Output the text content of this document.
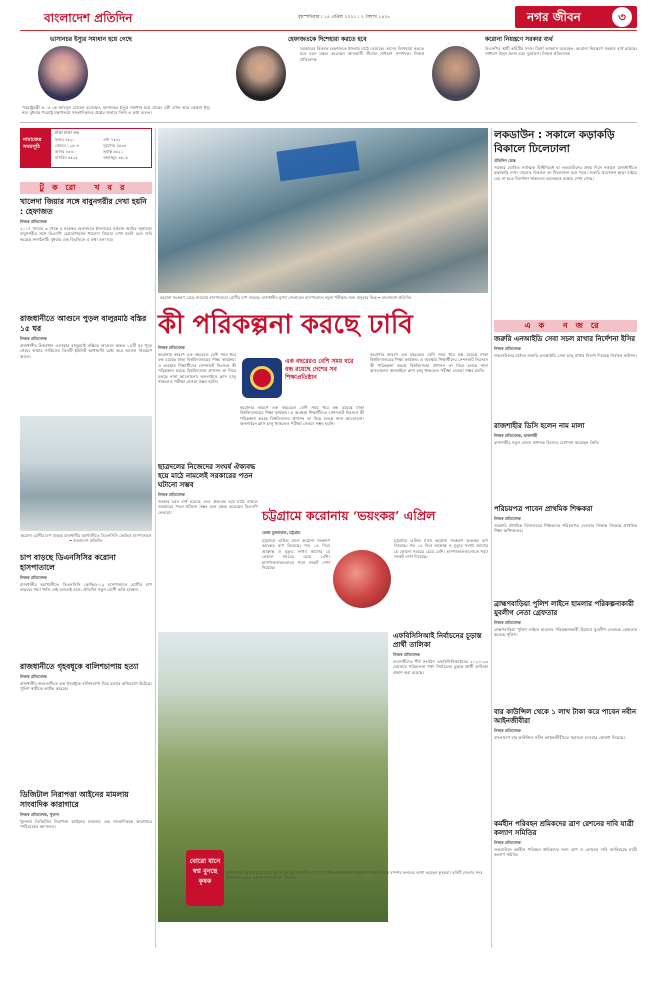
বাংলাদেশ প্রতিদিন	বৃহস্পতিবার । ১৫ এপ্রিল ২০২১ । ২ বৈশাখ ১৪২৮	নগর জীবন	৩
ভাসানচর ইস্যুর সমাধান হয়ে গেছে
পররাষ্ট্রমন্ত্রী ড. এ কে আবদুল মোমেন বলেছেন, ভাসানচর ইস্যুর সমাধান হয়ে গেছে। এটা এখন আর কোনো ইস্যু নয়। বুধবার পররাষ্ট্র মন্ত্রণালয়ে সাংবাদিকদের প্রশ্নের জবাবে তিনি এ কথা বলেন।
হেফাজতকে দিশেহারা করতে হবে
সরকারের বিরুদ্ধে হেফাজতে ইসলাম মাঠে নেমেছে। তাদের দিশেহারা করতে হবে বলে মন্তব্য করেছেন আওয়ামী লীগের সাধারণ সম্পাদক। নিজস্ব প্রতিবেদক
করোনা নিয়ন্ত্রণে সরকার ব্যর্থ
বিএনপির স্থায়ী কমিটির সদস্য মির্জা আব্বাস বলেছেন, করোনা নিয়ন্ত্রণে সরকার ব্যর্থ হয়েছে। সাধারণ মানুষ আজ চরম দুর্ভোগে। নিজস্ব প্রতিবেদক
নামাজের সময়সূচি
ঢাকা ঢাকা তক
ফজর ৪ঃ২০
জোহর ১২ঃ০৮
আসর ৪ঃ৩০
মাগরিব ৬ঃ২৫
এশা ৭ঃ৪২
সূর্যোদয় ৫ঃ৩৪
সূর্যাস্ত ৬ঃ২১
তাহাজ্জুদ ৩ঃ১৫
টুকরো খবর
খালেদা জিয়ার সঙ্গে বাবুনগরীর দেখা হয়নি : হেফাজত
নিজস্ব প্রতিবেদক
২০১৭ সালের ৩ থেকে ৪ নভেম্বর হেফাজতে ইসলামের বর্তমান আমির জুনায়েদ বাবুনগরীর সঙ্গে বিএনপি চেয়ারপারসন খালেদা জিয়ার দেখা হয়নি বলে দাবি করেছে সংগঠনটি। বুধবার এক বিবৃতিতে এ কথা বলা হয়।
রাজধানীতে আগুনে পুড়ল বালুরমাঠ বস্তির ১৫ ঘর
নিজস্ব প্রতিবেদক
রাজধানীর উত্তরখান এলাকার বালুরমাঠ বস্তিতে আগুনে অন্তত ১৫টি ঘর পুড়ে গেছে। ফায়ার সার্ভিসের তিনটি ইউনিট আধাঘণ্টা চেষ্টা করে আগুন নিয়ন্ত্রণে আনে।
করোনা রোগীর চাপ বাড়ছে রাজধানীর মহাখালীতে ডিএনসিসি কোভিড হাসপাতালে ━ বাংলাদেশ প্রতিদিন
চাপ বাড়ছে ডিএনসিসির করোনা হাসপাতালে
নিজস্ব প্রতিবেদক
রাজধানীর মহাখালীতে ডিএনসিসি কোভিড-১৯ হাসপাতালে রোগীর চাপ বাড়ছে। শয্যা খালি নেই বললেই চলে। প্রতিদিন নতুন রোগী ভর্তি হচ্ছেন।
রাজধানীতে গৃহবধূকে বালিশচাপায় হত্যা
নিজস্ব প্রতিবেদক
রাজধানীর কদমতলীতে এক গৃহবধূকে বালিশচাপা দিয়ে হত্যার অভিযোগ উঠেছে। পুলিশ স্বামীকে আটক করেছে।
ডিজিটাল নিরাপত্তা আইনের মামলায় সাংবাদিক কারাগারে
নিজস্ব প্রতিবেদক, খুলনা
খুলনায় ডিজিটাল নিরাপত্তা আইনের মামলায় এক সাংবাদিককে কারাগারে পাঠিয়েছেন আদালত।
করোনা সংক্রমণ বেড়ে যাওয়ায় হাসপাতালে রোগীর চাপ বাড়ছে। রাজধানীর মুগদা জেনারেল হাসপাতালে নমুনা পরীক্ষার জন্য মানুষের ভিড় ━ বাংলাদেশ প্রতিদিন
কী পরিকল্পনা করছে ঢাবি
নিজস্ব প্রতিবেদক
করোনার কারণে এক বছরেরও বেশি সময় ধরে বন্ধ রয়েছে ঢাকা বিশ্ববিদ্যালয়ের শিক্ষা কার্যক্রম। এ অবস্থায় শিক্ষার্থীদের সেশনজট নিরসনে কী পরিকল্পনা করছে বিশ্ববিদ্যালয় প্রশাসন তা নিয়ে চলছে নানা আলোচনা। অনলাইনে ক্লাস চালু থাকলেও পরীক্ষা নেওয়া সম্ভব হয়নি।
এক বছরেরও বেশি সময় ধরে বন্ধ রয়েছে দেশের সব শিক্ষাপ্রতিষ্ঠান
করোনার কারণে এক বছরেরও বেশি সময় ধরে বন্ধ রয়েছে ঢাকা বিশ্ববিদ্যালয়ের শিক্ষা কার্যক্রম। এ অবস্থায় শিক্ষার্থীদের সেশনজট নিরসনে কী পরিকল্পনা করছে বিশ্ববিদ্যালয় প্রশাসন তা নিয়ে চলছে নানা আলোচনা। অনলাইনে ক্লাস চালু থাকলেও পরীক্ষা নেওয়া সম্ভব হয়নি।
করোনার কারণে এক বছরেরও বেশি সময় ধরে বন্ধ রয়েছে ঢাকা বিশ্ববিদ্যালয়ের শিক্ষা কার্যক্রম। এ অবস্থায় শিক্ষার্থীদের সেশনজট নিরসনে কী পরিকল্পনা করছে বিশ্ববিদ্যালয় প্রশাসন তা নিয়ে চলছে নানা আলোচনা। অনলাইনে ক্লাস চালু থাকলেও পরীক্ষা নেওয়া সম্ভব হয়নি।
ছাত্রদলের নিজেদের সংঘর্ষ ঐক্যবদ্ধ হয়ে মাঠে নামলেই সরকারের পতন ঘটানো সম্ভব
নিজস্ব প্রতিবেদক
সরকার চরম ব্যর্থ হয়েছে এবং ঐক্যবদ্ধ হয়ে মাঠে নামলে সরকারের পতন ঘটানো সম্ভব বলে মন্তব্য করেছেন বিএনপি নেতারা।	চট্টগ্রামে করোনায় ‘ভয়ংকর’ এপ্রিল
রেজা মুজাম্মেল, চট্টগ্রাম
চট্টগ্রামে এপ্রিল মাসে করোনা সংক্রমণ ভয়ংকর রূপ নিয়েছে। গত ১৪ দিনে আক্রান্ত ও মৃত্যুর সংখ্যা আগের যে কোনো সময়ের চেয়ে বেশি। হাসপাতালগুলোতে শয্যা সংকট দেখা দিয়েছে।
চট্টগ্রামে এপ্রিল মাসে করোনা সংক্রমণ ভয়ংকর রূপ নিয়েছে। গত ১৪ দিনে আক্রান্ত ও মৃত্যুর সংখ্যা আগের যে কোনো সময়ের চেয়ে বেশি। হাসপাতালগুলোতে শয্যা সংকট দেখা দিয়েছে।
এফবিসিসিআই নির্বাচনের চূড়ান্ত প্রার্থী তালিকা
নিজস্ব প্রতিবেদক
ব্যবসায়ীদের শীর্ষ সংগঠন এফবিসিসিআইয়ের ২০২১-২৩ মেয়াদের পরিচালনা পর্ষদ নির্বাচনের চূড়ান্ত প্রার্থী তালিকা প্রকাশ করা হয়েছে।
বোরো ধানে স্বপ্ন বুনছে কৃষক
জামালপুর জেলার মাঠে মাঠে দুলছে কৃষকের সোনালি স্বপ্ন বোরো ধান। আবহাওয়া অনুকূলে থাকায় এবার বাম্পার ফলনের আশা করছেন কৃষকরা। ছবিটি জেলার সদর উপজেলা থেকে তোলা ━ বাংলাদেশ প্রতিদিন
লকডাউন : সকালে কড়াকড়ি বিকালে ঢিলেঢালা
প্রতিদিন ডেস্ক
সরকার ঘোষিত সর্বাত্মক বিধিনিষেধ বা লকডাউনের প্রথম দিনে সকালে রাজধানীতে কড়াকড়ি দেখা গেলেও বিকালে তা ঢিলেঢালা হয়ে পড়ে। জরুরি প্রয়োজন ছাড়া বাইরে বের না হতে নির্দেশনা থাকলেও অনেককে রাস্তায় দেখা গেছে।
এক নজরে
জরুরি এনআইডি সেবা সচল রাখার নির্দেশনা ইসির
নিজস্ব প্রতিবেদক
লকডাউনের মধ্যেও জরুরি এনআইডি সেবা চালু রাখার নির্দেশ দিয়েছে নির্বাচন কমিশন।
রাজশাহীর ডিসি হলেন নাম মালা
নিজস্ব প্রতিবেদক, রাজশাহী
রাজশাহীর নতুন জেলা প্রশাসক হিসেবে যোগদান করেছেন তিনি।
পরিচয়পত্র পাবেন প্রাথমিক শিক্ষকরা
নিজস্ব প্রতিবেদক
সরকারি প্রাথমিক বিদ্যালয়ের শিক্ষকদের পরিচয়পত্র দেওয়ার সিদ্ধান্ত নিয়েছে প্রাথমিক শিক্ষা অধিদফতর।
ব্রাহ্মণবাড়িয়া পুলিশ লাইনে হামলার পরিকল্পনাকারী যুবলীগ নেতা গ্রেফতার
নিজস্ব প্রতিবেদক
ব্রাহ্মণবাড়িয়া পুলিশ লাইনে হামলার পরিকল্পনাকারী হিসেবে যুবলীগ নেতাকে গ্রেফতার করেছে পুলিশ।
বার কাউন্সিল থেকে ১ লাখ টাকা করে পাবেন নবীন আইনজীবীরা
নিজস্ব প্রতিবেদক
বাংলাদেশ বার কাউন্সিল নবীন আইনজীবীদের সহায়তা দেওয়ার ঘোষণা দিয়েছে।
কর্মহীন পরিবহন শ্রমিকদের ত্রাণ রেশনের দাবি যাত্রী কল্যাণ সমিতির
নিজস্ব প্রতিবেদক
লকডাউনে কর্মহীন পরিবহন শ্রমিকদের জন্য ত্রাণ ও রেশনের দাবি জানিয়েছে যাত্রী কল্যাণ সমিতি।
